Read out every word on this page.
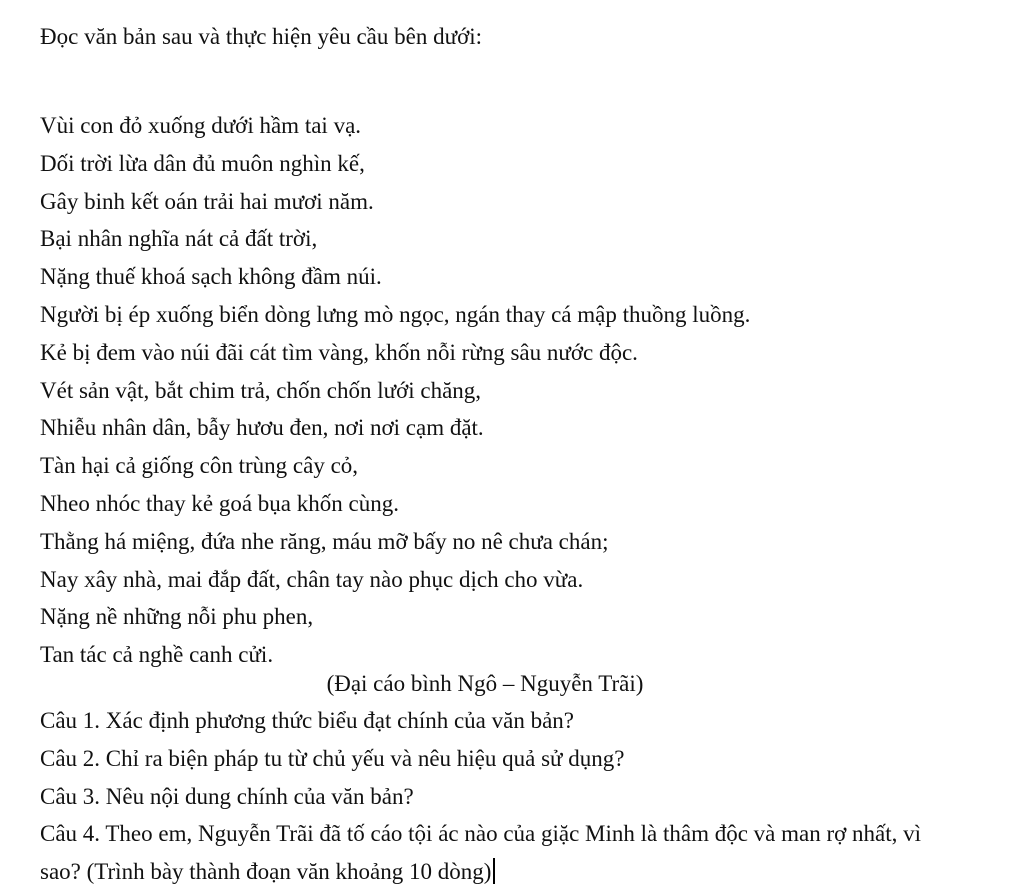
Đọc văn bản sau và thực hiện yêu cầu bên dưới:
Vùi con đỏ xuống dưới hầm tai vạ.
Dối trời lừa dân đủ muôn nghìn kế,
Gây binh kết oán trải hai mươi năm.
Bại nhân nghĩa nát cả đất trời,
Nặng thuế khoá sạch không đầm núi.
Người bị ép xuống biển dòng lưng mò ngọc, ngán thay cá mập thuồng luồng.
Kẻ bị đem vào núi đãi cát tìm vàng, khốn nỗi rừng sâu nước độc.
Vét sản vật, bắt chim trả, chốn chốn lưới chăng,
Nhiễu nhân dân, bẫy hươu đen, nơi nơi cạm đặt.
Tàn hại cả giống côn trùng cây cỏ,
Nheo nhóc thay kẻ goá bụa khốn cùng.
Thằng há miệng, đứa nhe răng, máu mỡ bấy no nê chưa chán;
Nay xây nhà, mai đắp đất, chân tay nào phục dịch cho vừa.
Nặng nề những nỗi phu phen,
Tan tác cả nghề canh cửi.
(Đại cáo bình Ngô – Nguyễn Trãi)
Câu 1. Xác định phương thức biểu đạt chính của văn bản?
Câu 2. Chỉ ra biện pháp tu từ chủ yếu và nêu hiệu quả sử dụng?
Câu 3. Nêu nội dung chính của văn bản?
Câu 4. Theo em, Nguyễn Trãi đã tố cáo tội ác nào của giặc Minh là thâm độc và man rợ nhất, vì sao? (Trình bày thành đoạn văn khoảng 10 dòng)
